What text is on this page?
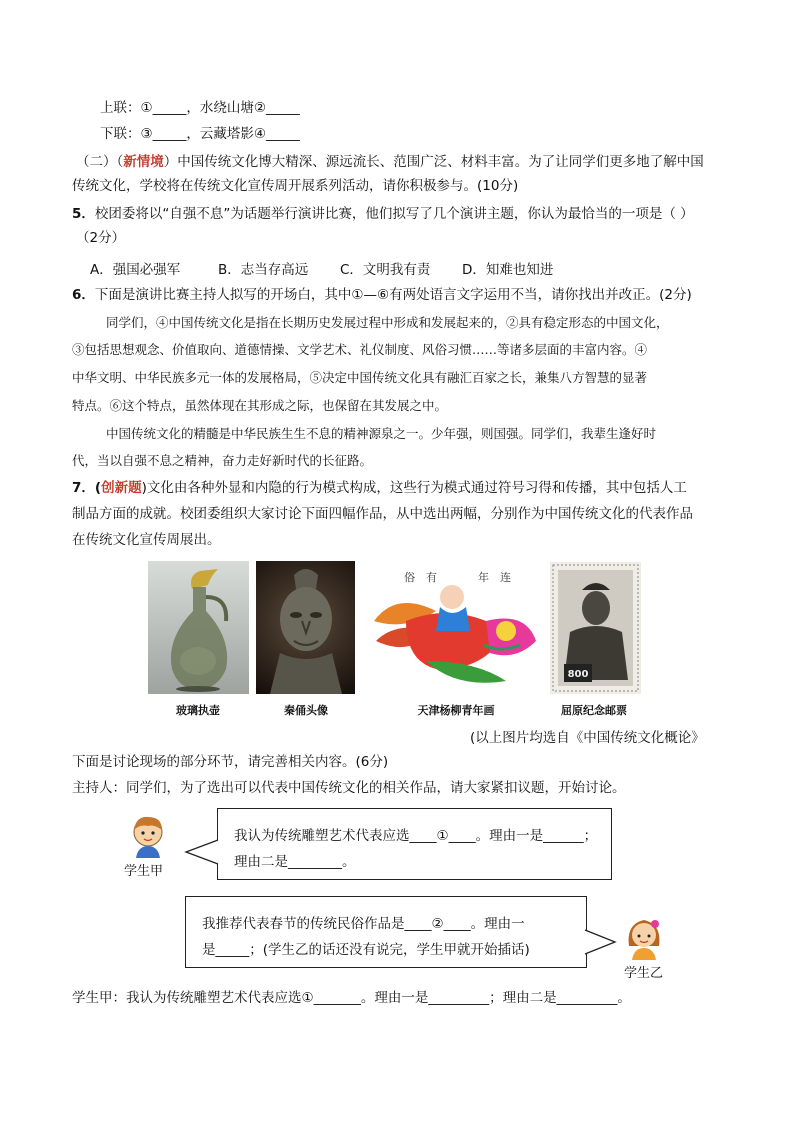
上联：①_____，水绕山塘②_____
下联：③_____，云藏塔影④_____
（二）（新情境）中国传统文化博大精深、源远流长、范围广泛、材料丰富。为了让同学们更多地了解中国
传统文化，学校将在传统文化宣传周开展系列活动，请你积极参与。(10分)
5．校团委将以“自强不息”为话题举行演讲比赛，他们拟写了几个演讲主题，你认为最恰当的一项是（ ）
（2分）
A．强国必强军	B．志当存高远 C．文明我有责 D．知难也知进
6．下面是演讲比赛主持人拟写的开场白，其中①—⑥有两处语言文字运用不当，请你找出并改正。(2分)
同学们，④中国传统文化是指在长期历史发展过程中形成和发展起来的，②具有稳定形态的中国文化，
③包括思想观念、价值取向、道德情操、文学艺术、礼仪制度、风俗习惯……等诸多层面的丰富内容。④
中华文明、中华民族多元一体的发展格局，⑤决定中国传统文化具有融汇百家之长，兼集八方智慧的显著
特点。⑥这个特点，虽然体现在其形成之际，也保留在其发展之中。
中国传统文化的精髓是中华民族生生不息的精神源泉之一。少年强，则国强。同学们，我辈生逢好时
代，当以自强不息之精神，奋力走好新时代的长征路。
7．(创新题)文化由各种外显和内隐的行为模式构成，这些行为模式通过符号习得和传播，其中包括人工
制品方面的成就。校团委组织大家讨论下面四幅作品，从中选出两幅，分别作为中国传统文化的代表作品
在传统文化宣传周展出。
俗 有	年 连
800
玻璃执壶	秦俑头像	天津杨柳青年画	屈原纪念邮票
(以上图片均选自《中国传统文化概论》
下面是讨论现场的部分环节，请完善相关内容。(6分)
主持人：同学们，为了选出可以代表中国传统文化的相关作品，请大家紧扣议题，开始讨论。
学生甲
我认为传统雕塑艺术代表应选____①____。理由一是______；
理由二是________。
我推荐代表春节的传统民俗作品是____②____。理由一
是_____；(学生乙的话还没有说完，学生甲就开始插话)
学生乙
学生甲：我认为传统雕塑艺术代表应选①_______。理由一是_________；理由二是_________。
